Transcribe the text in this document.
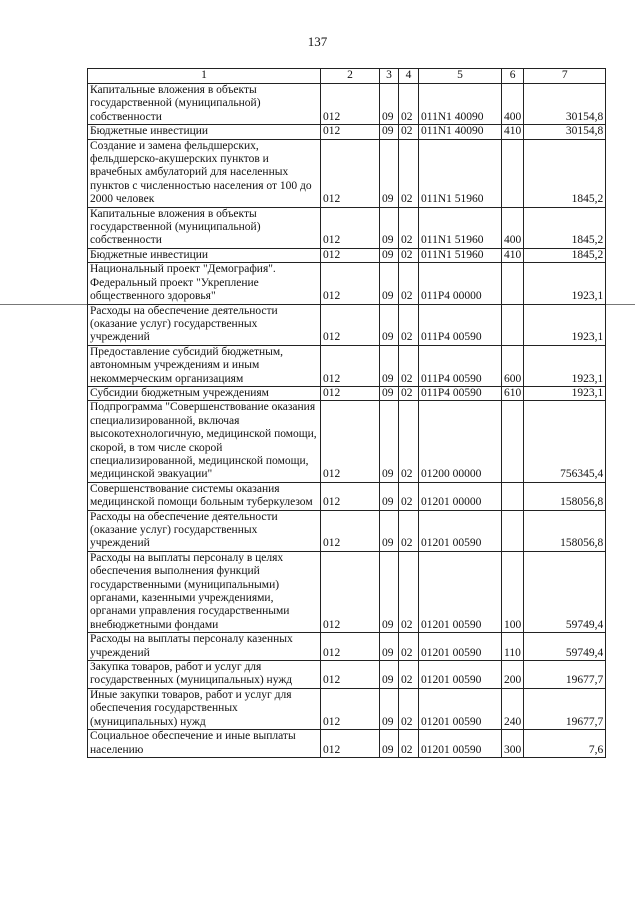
137
1	2	3	4	5	6	7
Капитальные вложения в объекты государственной (муниципальной) собственности	012	09	02	011N1 40090	400	30154,8
Бюджетные инвестиции	012	09	02	011N1 40090	410	30154,8
Создание и замена фельдшерских, фельдшерско-акушерских пунктов и врачебных амбулаторий для населенных пунктов с численностью населения от 100 до 2000 человек	012	09	02	011N1 51960		1845,2
Капитальные вложения в объекты государственной (муниципальной) собственности	012	09	02	011N1 51960	400	1845,2
Бюджетные инвестиции	012	09	02	011N1 51960	410	1845,2
Национальный проект "Демография". Федеральный проект "Укрепление общественного здоровья"	012	09	02	011P4 00000		1923,1
Расходы на обеспечение деятельности (оказание услуг) государственных учреждений	012	09	02	011P4 00590		1923,1
Предоставление субсидий бюджетным, автономным учреждениям и иным некоммерческим организациям	012	09	02	011P4 00590	600	1923,1
Субсидии бюджетным учреждениям	012	09	02	011P4 00590	610	1923,1
Подпрограмма "Совершенствование оказания специализированной, включая высокотехнологичную, медицинской помощи, скорой, в том числе скорой специализированной, медицинской помощи, медицинской эвакуации"	012	09	02	01200 00000		756345,4
Совершенствование системы оказания медицинской помощи больным туберкулезом	012	09	02	01201 00000		158056,8
Расходы на обеспечение деятельности (оказание услуг) государственных учреждений	012	09	02	01201 00590		158056,8
Расходы на выплаты персоналу в целях обеспечения выполнения функций государственными (муниципальными) органами, казенными учреждениями, органами управления государственными внебюджетными фондами	012	09	02	01201 00590	100	59749,4
Расходы на выплаты персоналу казенных учреждений	012	09	02	01201 00590	110	59749,4
Закупка товаров, работ и услуг для государственных (муниципальных) нужд	012	09	02	01201 00590	200	19677,7
Иные закупки товаров, работ и услуг для обеспечения государственных (муниципальных) нужд	012	09	02	01201 00590	240	19677,7
Социальное обеспечение и иные выплаты населению	012	09	02	01201 00590	300	7,6
